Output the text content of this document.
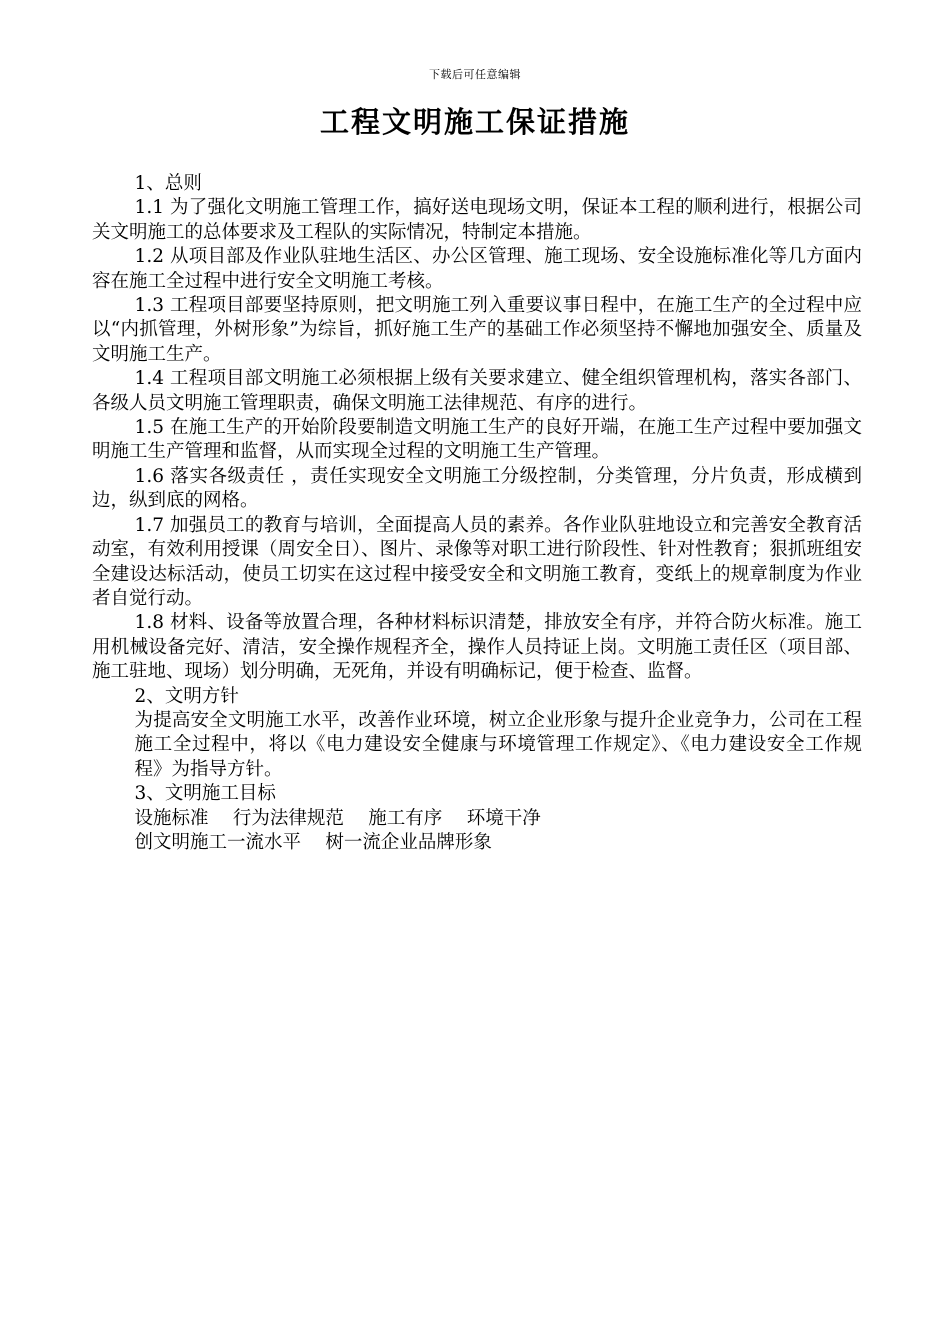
下载后可任意编辑
工程文明施工保证措施

1、总则

1.1 为了强化文明施工管理工作，搞好送电现场文明，保证本工程的顺利进行，根据公司关文明施工的总体要求及工程队的实际情况，特制定本措施。

1.2 从项目部及作业队驻地生活区、办公区管理、施工现场、安全设施标准化等几方面内容在施工全过程中进行安全文明施工考核。

1.3 工程项目部要坚持原则，把文明施工列入重要议事日程中，在施工生产的全过程中应以“内抓管理，外树形象”为综旨，抓好施工生产的基础工作必须坚持不懈地加强安全、质量及文明施工生产。

1.4 工程项目部文明施工必须根据上级有关要求建立、健全组织管理机构，落实各部门、各级人员文明施工管理职责，确保文明施工法律规范、有序的进行。

1.5 在施工生产的开始阶段要制造文明施工生产的良好开端，在施工生产过程中要加强文明施工生产管理和监督，从而实现全过程的文明施工生产管理。

1.6 落实各级责任 ，责任实现安全文明施工分级控制，分类管理，分片负责，形成横到边，纵到底的网格。

1.7 加强员工的教育与培训，全面提高人员的素养。各作业队驻地设立和完善安全教育活动室，有效利用授课（周安全日）、图片、录像等对职工进行阶段性、针对性教育；狠抓班组安全建设达标活动，使员工切实在这过程中接受安全和文明施工教育，变纸上的规章制度为作业者自觉行动。

1.8 材料、设备等放置合理，各种材料标识清楚，排放安全有序，并符合防火标准。施工用机械设备完好、清洁，安全操作规程齐全，操作人员持证上岗。文明施工责任区（项目部、施工驻地、现场）划分明确，无死角，并设有明确标记，便于检查、监督。

2、文明方针

为提高安全文明施工水平，改善作业环境，树立企业形象与提升企业竞争力，公司在工程施工全过程中，将以《电力建设安全健康与环境管理工作规定》、《电力建设安全工作规程》为指导方针。

3、文明施工目标

设施标准　 行为法律规范　 施工有序　 环境干净

创文明施工一流水平　 树一流企业品牌形象
